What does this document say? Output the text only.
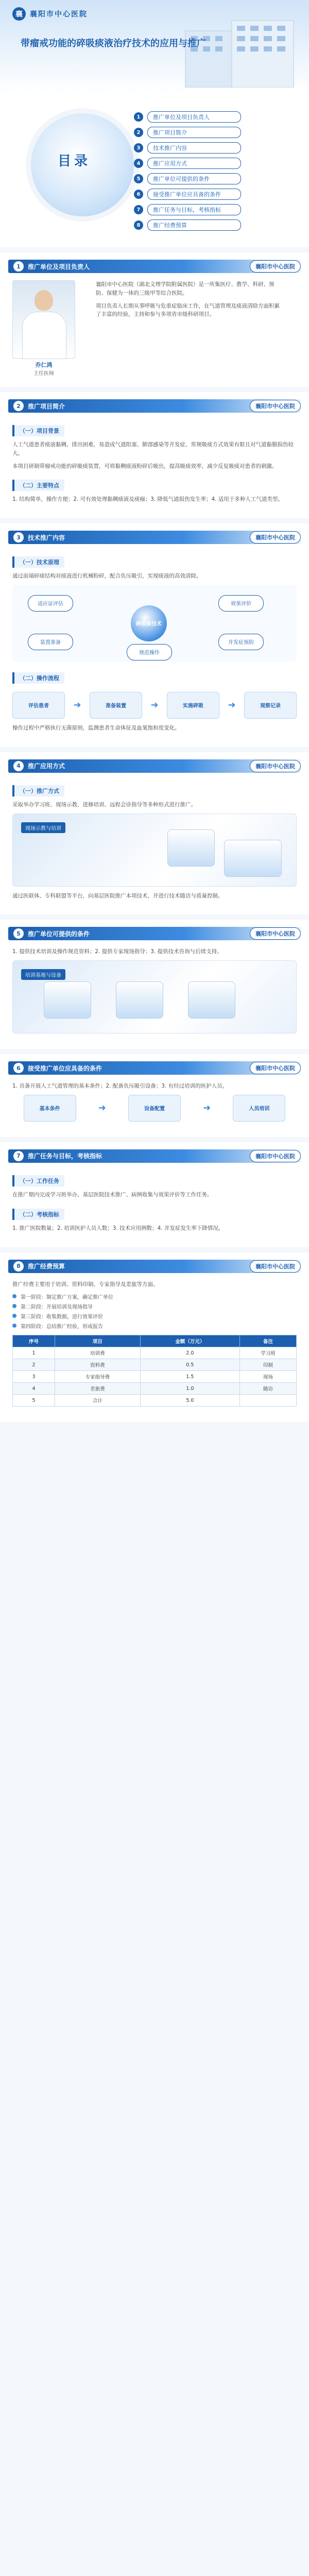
襄	襄阳市中心医院
带瘤戒功能的碎吸痰液治疗技术的应用与推广
目录
1	推广单位及项目负责人
2	推广项目简介
3	技术推广内容
4	推广应用方式
5	推广单位可提供的条件
6	接受推广单位应具备的条件
7	推广任务与目标，考核指标
8	推广经费预算
1	推广单位及项目负责人	襄阳市中心医院
乔仁鸿
主任医师

襄阳市中心医院（湖北文理学院附属医院）是一所集医疗、教学、科研、预防、保健为一体的三级甲等综合医院。

项目负责人长期从事呼吸与危重症临床工作，在气道管理及痰液清除方面积累了丰富的经验，主持和参与多项省市级科研项目。

2	推广项目简介	襄阳市中心医院
（一）项目背景

人工气道患者痰液黏稠、排出困难，易造成气道阻塞、肺部感染等并发症，常规吸痰方式效果有限且对气道黏膜损伤较大。

本项目研制带瘤戒功能的碎吸痰装置，可将黏稠痰液粉碎后吸出，提高吸痰效率，减少反复吸痰对患者的刺激。

（二）主要特点

1. 结构简单，操作方便；2. 可有效处理黏稠痰液及痰痂；3. 降低气道损伤发生率；4. 适用于多种人工气道类型。

3	技术推广内容	襄阳市中心医院
（一）技术原理

通过前端碎痰结构对痰液进行机械粉碎，配合负压吸引，实现痰液的高效清除。

碎吸痰技术
适应证评估
装置准备
规范操作
效果评价
并发症预防
（二）操作流程
评估患者	➜	准备装置	➜	实施碎吸	➜	观察记录

操作过程中严格执行无菌原则，监测患者生命体征及血氧饱和度变化。

4	推广应用方式	襄阳市中心医院
（一）推广方式

采取举办学习班、现场示教、进修培训、远程会诊指导等多种形式进行推广。

现场示教与培训

通过医联体、专科联盟等平台，向基层医院推广本项技术，并进行技术随访与质量控制。

5	推广单位可提供的条件	襄阳市中心医院

1. 提供技术培训及操作规范资料；2. 提供专家现场指导；3. 提供技术咨询与后续支持。

培训基地与设备
6	接受推广单位应具备的条件	襄阳市中心医院

1. 具备开展人工气道管理的基本条件；2. 配备负压吸引设备；3. 有经过培训的医护人员。

基本条件	➜	设备配置	➜	人员培训
7	推广任务与目标，考核指标	襄阳市中心医院
（一）工作任务

在推广期内完成学习班举办、基层医院技术推广、病例收集与效果评价等工作任务。

（二）考核指标

1. 推广医院数量；2. 培训医护人员人数；3. 技术应用例数；4. 并发症发生率下降情况。

8	推广经费预算	襄阳市中心医院

推广经费主要用于培训、资料印制、专家指导及差旅等方面。

第一阶段：制定推广方案，确定推广单位
第二阶段：开展培训及现场指导
第三阶段：收集数据，进行效果评价
第四阶段：总结推广经验，形成报告
序号	项目	金额（万元）	备注
1	培训费	2.0	学习班
2	资料费	0.5	印制
3	专家指导费	1.5	现场
4	差旅费	1.0	随访
5	合计	5.0	
